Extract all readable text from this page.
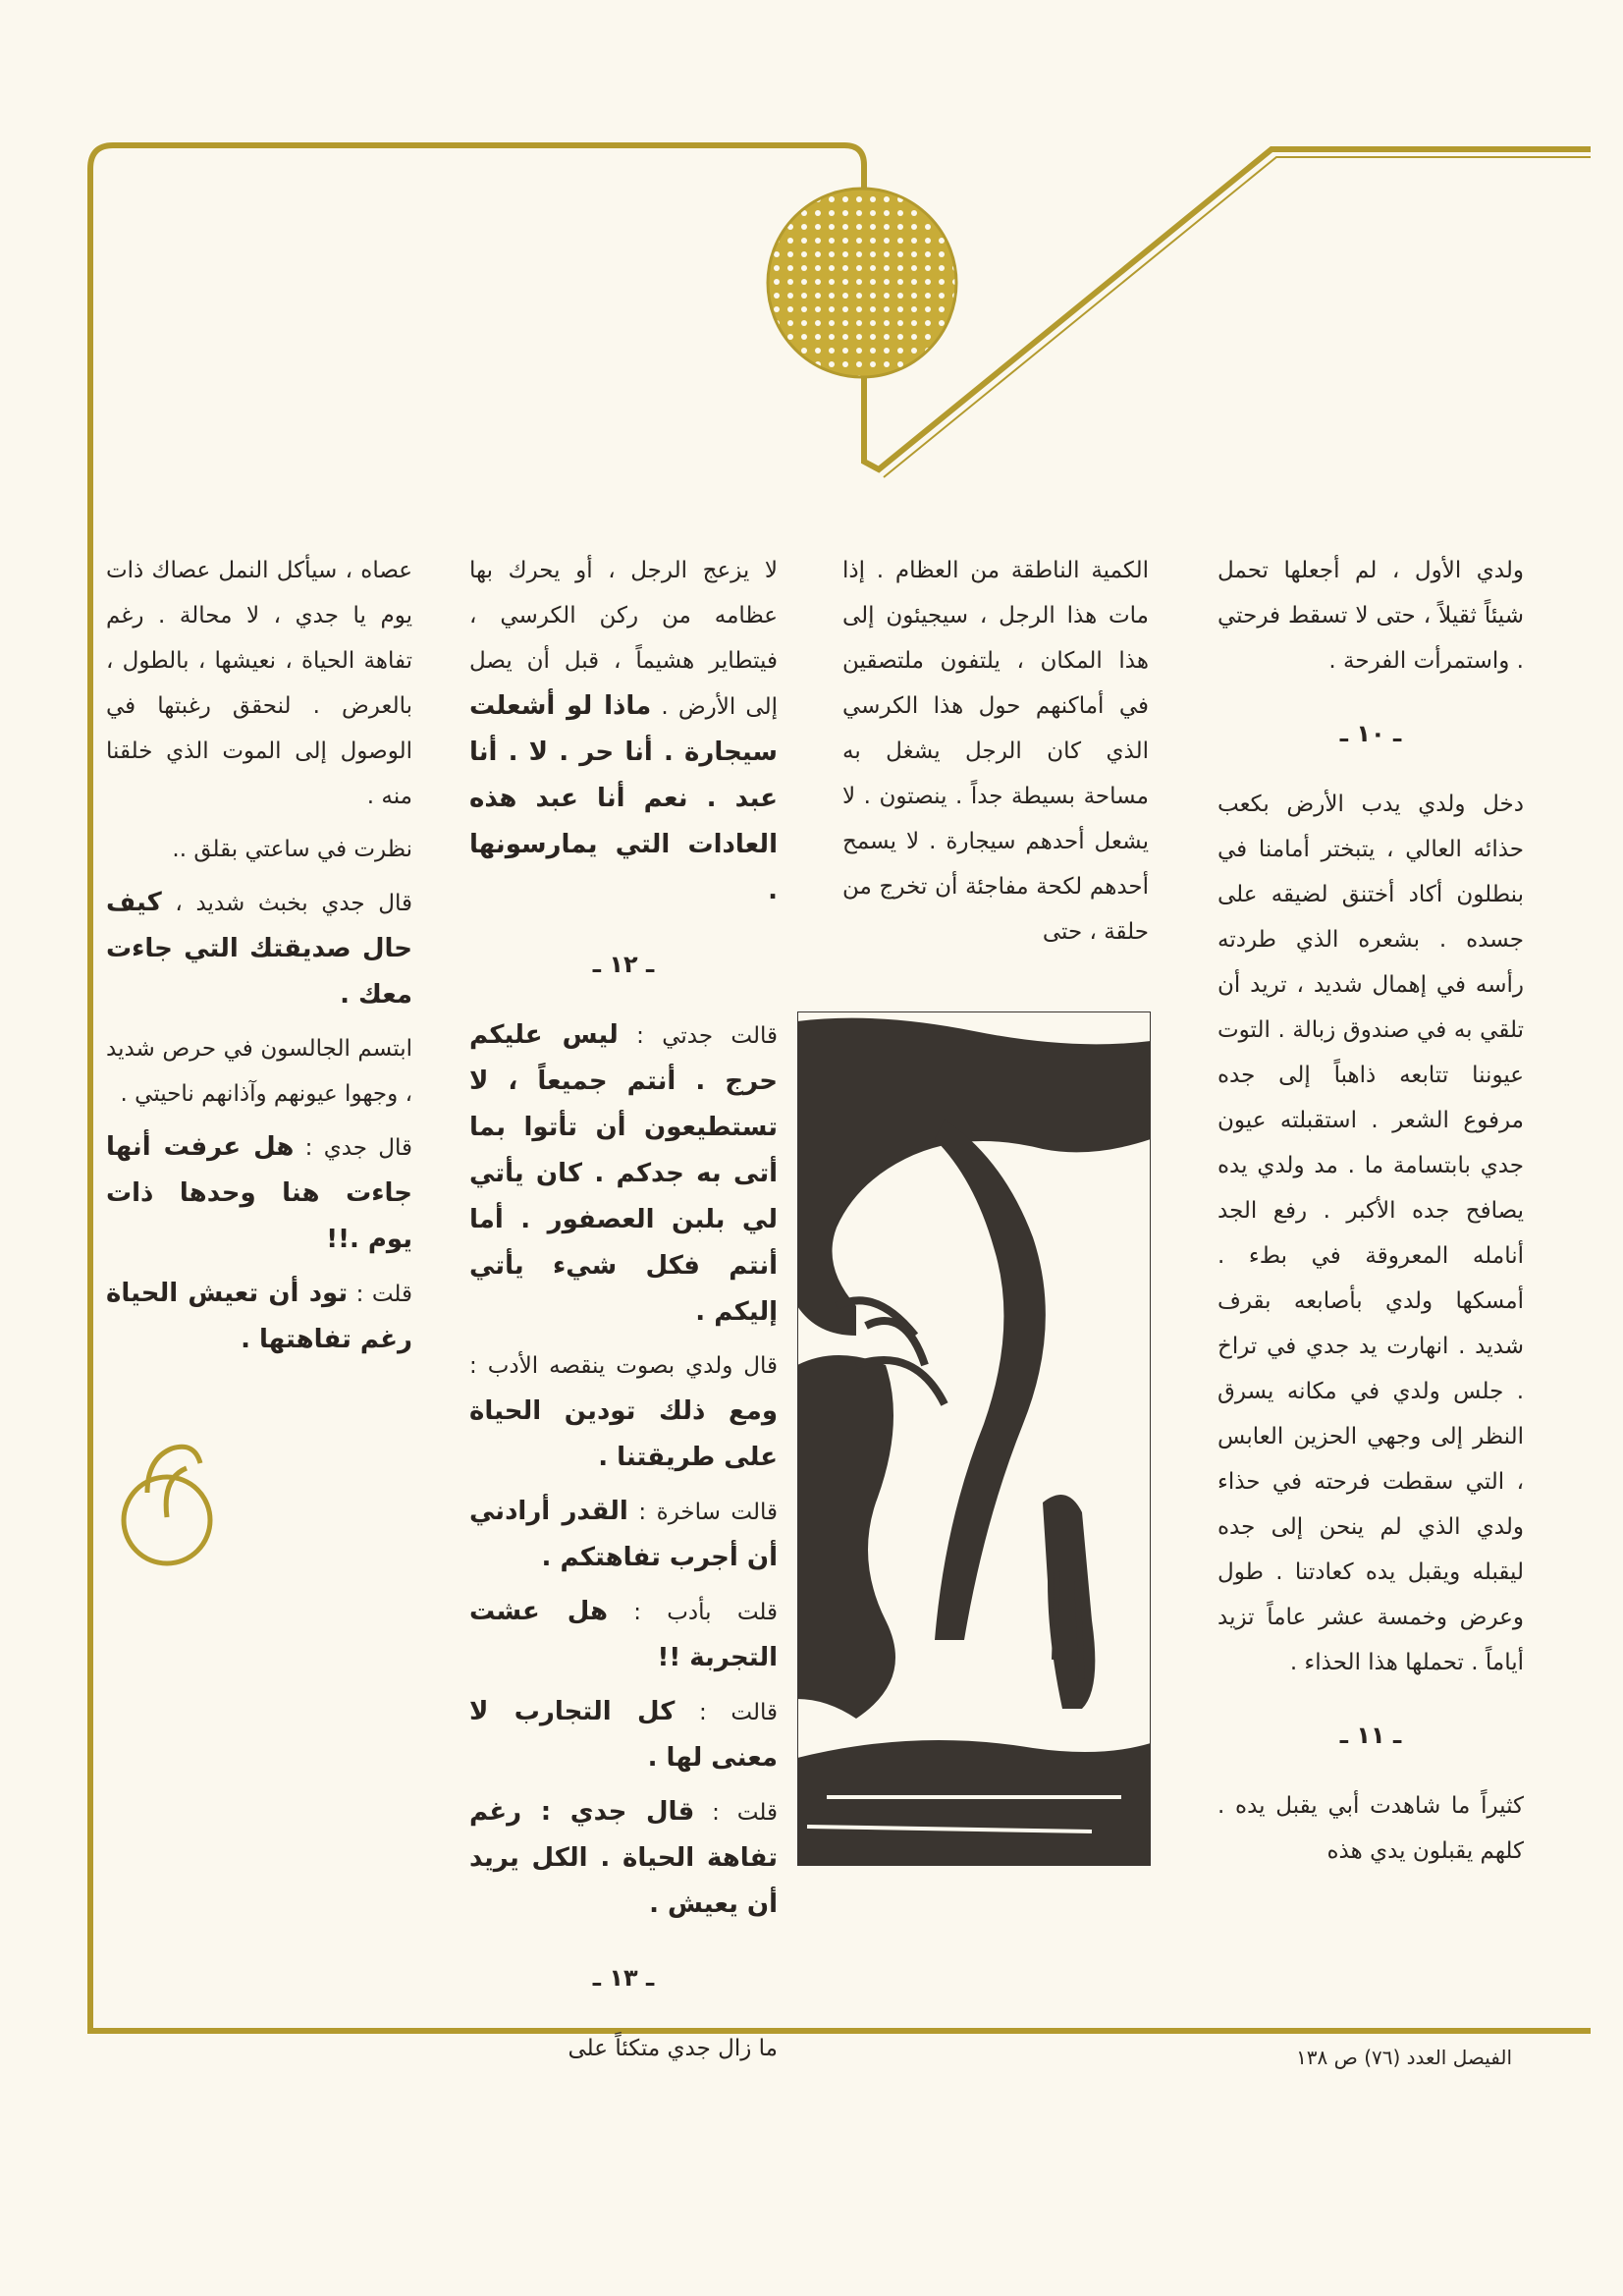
ولدي الأول ، لم أجعلها تحمل شيئاً ثقيلاً ، حتى لا تسقط فرحتي . واستمرأت الفرحة .

ـ ١٠ ـ

دخل ولدي يدب الأرض بكعب حذائه العالي ، يتبختر أمامنا في بنطلون أكاد أختنق لضيقه على جسده . بشعره الذي طردته رأسه في إهمال شديد ، تريد أن تلقي به في صندوق زبالة . التوت عيوننا تتابعه ذاهباً إلى جده مرفوع الشعر . استقبلته عيون جدي بابتسامة ما . مد ولدي يده يصافح جده الأكبر . رفع الجد أنامله المعروقة في بطء . أمسكها ولدي بأصابعه بقرف شديد . انهارت يد جدي في تراخ . جلس ولدي في مكانه يسرق النظر إلى وجهي الحزين العابس ، التي سقطت فرحته في حذاء ولدي الذي لم ينحن إلى جده ليقبله ويقبل يده كعادتنا . طول وعرض وخمسة عشر عاماً تزيد أياماً . تحملها هذا الحذاء .

ـ ١١ ـ

كثيراً ما شاهدت أبي يقبل يده . كلهم يقبلون يدي هذه

الكمية الناطقة من العظام . إذا مات هذا الرجل ، سيجيئون إلى هذا المكان ، يلتفون ملتصقين في أماكنهم حول هذا الكرسي الذي كان الرجل يشغل به مساحة بسيطة جداً . ينصتون . لا يشعل أحدهم سيجارة . لا يسمح أحدهم لكحة مفاجئة أن تخرج من حلقة ، حتى

لا يزعج الرجل ، أو يحرك بها عظامه من ركن الكرسي ، فيتطاير هشيماً ، قبل أن يصل إلى الأرض . ماذا لو أشعلت سيجارة . أنا حر . لا . أنا عبد . نعم أنا عبد هذه العادات التي يمارسونها .

ـ ١٢ ـ

قالت جدتي : ليس عليكم حرج . أنتم جميعاً ، لا تستطيعون أن تأتوا بما أتى به جدكم . كان يأتي لي بلبن العصفور . أما أنتم فكل شيء يأتي إليكم .

قال ولدي بصوت ينقصه الأدب : ومع ذلك تودين الحياة على طريقتنا .

قالت ساخرة : القدر أرادني أن أجرب تفاهتكم .

قلت بأدب : هل عشت التجربة !!

قالت : كل التجارب لا معنى لها .

قلت : قال جدي : رغم تفاهة الحياة . الكل يريد أن يعيش .

ـ ١٣ ـ

ما زال جدي متكئاً على

عصاه ، سيأكل النمل عصاك ذات يوم يا جدي ، لا محالة . رغم تفاهة الحياة ، نعيشها ، بالطول ، بالعرض . لنحقق رغبتها في الوصول إلى الموت الذي خلقنا منه .

نظرت في ساعتي بقلق ..

قال جدي بخبث شديد ، كيف حال صديقتك التي جاءت معك .

ابتسم الجالسون في حرص شديد ، وجهوا عيونهم وآذانهم ناحيتي .

قال جدي : هل عرفت أنها جاءت هنا وحدها ذات يوم .!!

قلت : تود أن تعيش الحياة رغم تفاهتها .

الفيصل العدد (٧٦) ص ١٣٨
